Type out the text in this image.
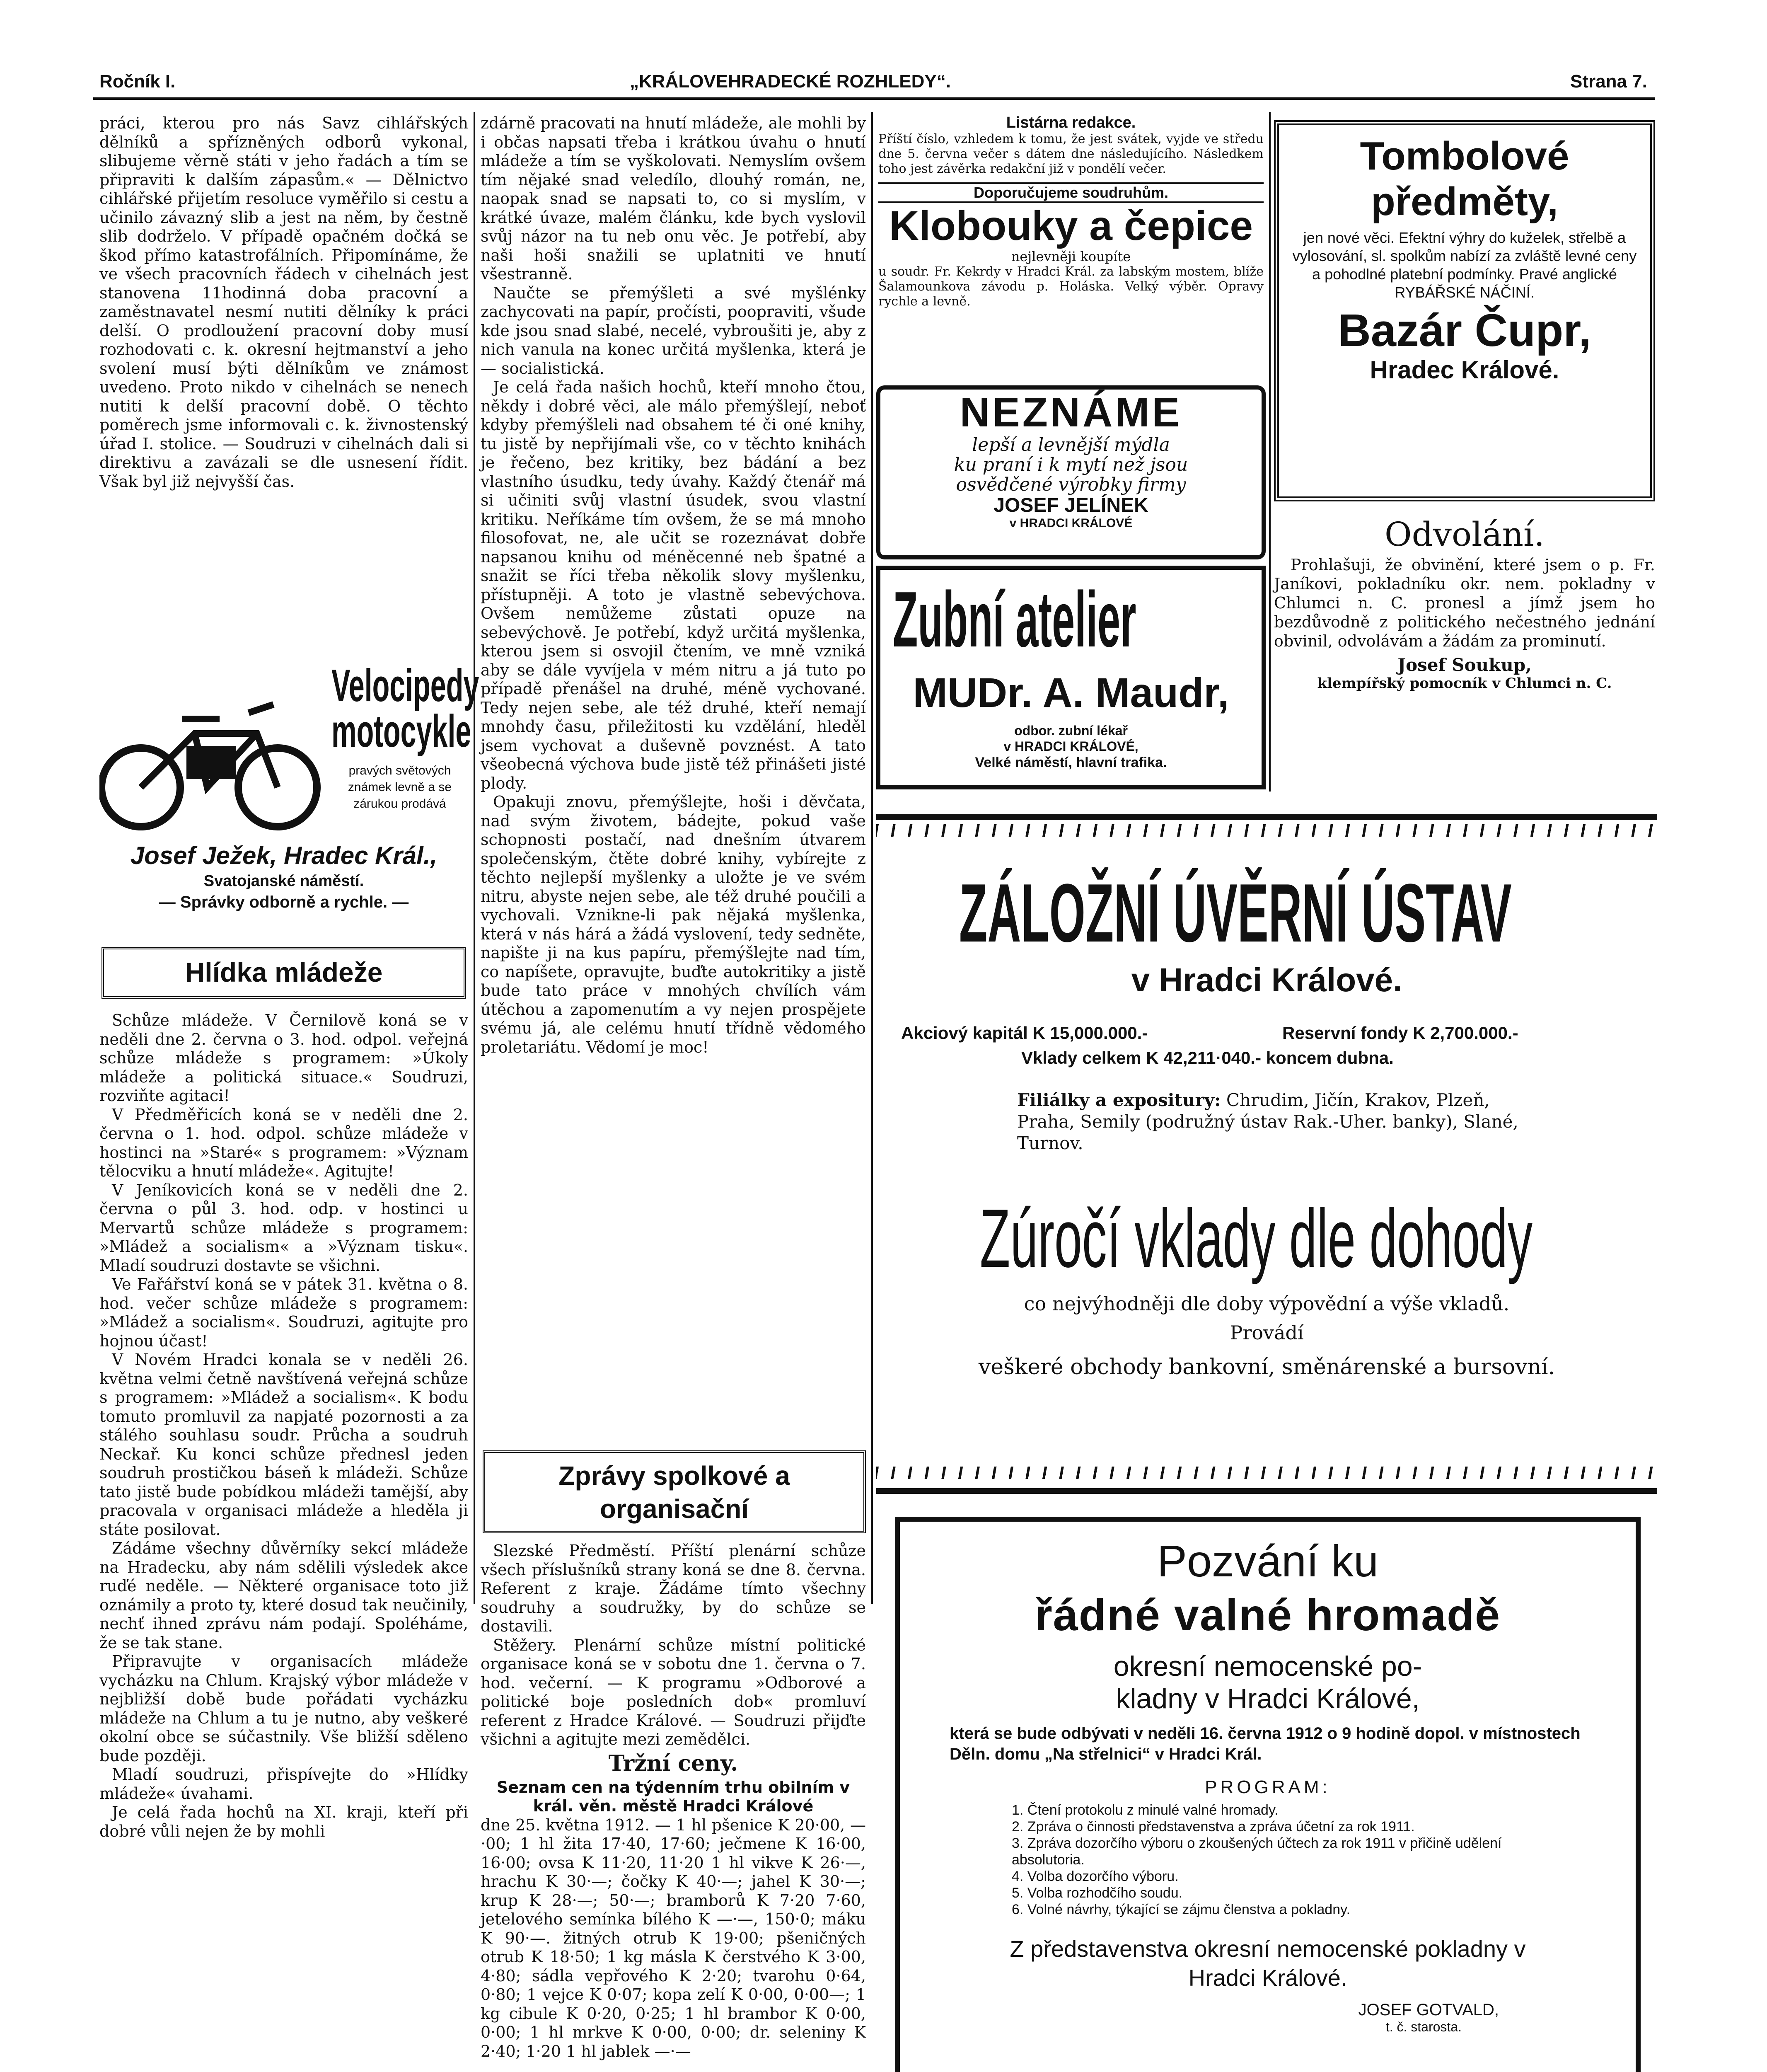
Ročník I.	„KRÁLOVEHRADECKÉ ROZHLEDY“.	Strana 7.

práci, kterou pro nás Savz cihlářských dělníků a spřízněných odborů vykonal, slibujeme věrně státi v jeho řadách a tím se připraviti k dalším zápasům.« — Dělnictvo cihlářské přijetím resoluce vyměřilo si cestu a učinilo závazný slib a jest na něm, by čestně slib dodrželo. V případě opačném dočká se škod přímo katastrofálních. Připomínáme, že ve všech pracovních řádech v cihelnách jest stanovena 11hodinná doba pracovní a zaměstnavatel nesmí nutiti dělníky k práci delší. O prodloužení pracovní doby musí rozhodovati c. k. okresní hejtmanství a jeho svolení musí býti dělníkům ve známost uvedeno. Proto nikdo v cihelnách se nenech nutiti k delší pracovní době. O těchto poměrech jsme informovali c. k. živnostenský úřad I. stolice. — Soudruzi v cihelnách dali si direktivu a zavázali se dle usnesení řídit. Však byl již nejvyšší čas.

Velocipedy
motocykle
pravých světových známek levně a se zárukou prodává
Josef Ježek, Hradec Král.,
Svatojanské náměstí.
— Správky odborně a rychle. —
Hlídka mládeže

Schůze mládeže. V Černilově koná se v neděli dne 2. června o 3. hod. odpol. veřejná schůze mládeže s programem: »Úkoly mládeže a politická situace.« Soudruzi, rozviňte agitaci!

V Předměřicích koná se v neděli dne 2. června o 1. hod. odpol. schůze mládeže v hostinci na »Staré« s programem: »Význam tělocviku a hnutí mládeže«. Agitujte!

V Jeníkovicích koná se v neděli dne 2. června o půl 3. hod. odp. v hostinci u Mervartů schůze mládeže s programem: »Mládež a socialism« a »Význam tisku«. Mladí soudruzi dostavte se všichni.

Ve Fařářství koná se v pátek 31. května o 8. hod. večer schůze mládeže s programem: »Mládež a socialism«. Soudruzi, agitujte pro hojnou účast!

V Novém Hradci konala se v neděli 26. května velmi četně navštívená veřejná schůze s programem: »Mládež a socialism«. K bodu tomuto promluvil za napjaté pozornosti a za stálého souhlasu soudr. Průcha a soudruh Neckař. Ku konci schůze přednesl jeden soudruh prostičkou báseň k mládeži. Schůze tato jistě bude pobídkou mládeži tamější, aby pracovala v organisaci mládeže a hleděla ji státe posilovat.

Zádáme všechny důvěrníky sekcí mládeže na Hradecku, aby nám sdělili výsledek akce ruďé neděle. — Některé organisace toto již oznámily a proto ty, které dosud tak neučinily, nechť ihned zprávu nám podají. Spoléháme, že se tak stane.

Připravujte v organisacích mládeže vycházku na Chlum. Krajský výbor mládeže v nejbližší době bude pořádati vycházku mládeže na Chlum a tu je nutno, aby veškeré okolní obce se súčastnily. Vše bližší sděleno bude později.

Mladí soudruzi, přispívejte do »Hlídky mládeže« úvahami.

Je celá řada hochů na XI. kraji, kteří při dobré vůli nejen že by mohli

zdárně pracovati na hnutí mládeže, ale mohli by i občas napsati třeba i krátkou úvahu o hnutí mládeže a tím se vyškolovati. Nemyslím ovšem tím nějaké snad veledílo, dlouhý román, ne, naopak snad se napsati to, co si myslím, v krátké úvaze, malém článku, kde bych vyslovil svůj názor na tu neb onu věc. Je potřebí, aby naši hoši snažili se uplatniti ve hnutí všestranně.

Naučte se přemýšleti a své myšlénky zachycovati na papír, pročísti, poopraviti, všude kde jsou snad slabé, necelé, vybroušiti je, aby z nich vanula na konec určitá myšlenka, která je — socialistická.

Je celá řada našich hochů, kteří mnoho čtou, někdy i dobré věci, ale málo přemýšlejí, neboť kdyby přemýšleli nad obsahem té či oné knihy, tu jistě by nepřijímali vše, co v těchto knihách je řečeno, bez kritiky, bez bádání a bez vlastního úsudku, tedy úvahy. Každý čtenář má si učiniti svůj vlastní úsudek, svou vlastní kritiku. Neříkáme tím ovšem, že se má mnoho filosofovat, ne, ale učit se rozeznávat dobře napsanou knihu od méněcenné neb špatné a snažit se říci třeba několik slovy myšlenku, přístupněji. A toto je vlastně sebevýchova. Ovšem nemůžeme zůstati opuze na sebevýchově. Je potřebí, když určitá myšlenka, kterou jsem si osvojil čtením, ve mně vzniká aby se dále vyvíjela v mém nitru a já tuto po případě přenášel na druhé, méně vychované. Tedy nejen sebe, ale též druhé, kteří nemají mnohdy času, přiležitosti ku vzdělání, hleděl jsem vychovat a duševně povznést. A tato všeobecná výchova bude jistě též přinášeti jisté plody.

Opakuji znovu, přemýšlejte, hoši i děvčata, nad svým životem, bádejte, pokud vaše schopnosti postačí, nad dnešním útvarem společenským, čtěte dobré knihy, vybírejte z těchto nejlepší myšlenky a uložte je ve svém nitru, abyste nejen sebe, ale též druhé poučili a vychovali. Vznikne-li pak nějaká myšlenka, která v nás hárá a žádá vyslovení, tedy sedněte, napište ji na kus papíru, přemýšlejte nad tím, co napíšete, opravujte, buďte autokritiky a jistě bude tato práce v mnohých chvílích vám útěchou a zapomenutím a vy nejen prospějete svému já, ale celému hnutí třídně vědomého proletariátu. Vědomí je moc!

Zprávy spolkové a organisační

Slezské Předměstí. Příští plenární schůze všech příslušníků strany koná se dne 8. června. Referent z kraje. Žádáme tímto všechny soudruhy a soudružky, by do schůze se dostavili.

Stěžery. Plenární schůze místní politické organisace koná se v sobotu dne 1. června o 7. hod. večerní. — K programu »Odborové a politické boje posledních dob« promluví referent z Hradce Králové. — Soudruzi přijďte všichni a agitujte mezi zemědělci.

Tržní ceny.

Seznam cen na týdenním trhu obilním v král. věn. městě Hradci Králové

dne 25. května 1912. — 1 hl pšenice K 20·00, —·00; 1 hl žita 17·40, 17·60; ječmene K 16·00, 16·00; ovsa K 11·20, 11·20 1 hl vikve K 26·—, hrachu K 30·—; čočky K 40·—; jahel K 30·—; krup K 28·—; 50·—; bramborů K 7·20 7·60, jetelového semínka bílého K —·—, 150·0; máku K 90·—. žitných otrub K 19·00; pšeničných otrub K 18·50; 1 kg másla K čerstvého K 3·00, 4·80; sádla vepřového K 2·20; tvarohu 0·64, 0·80; 1 vejce K 0·07; kopa zelí K 0·00, 0·00—; 1 kg cibule K 0·20, 0·25; 1 hl brambor K 0·00, 0·00; 1 hl mrkve K 0·00, 0·00; dr. seleniny K 2·40; 1·20 1 hl jablek —·—

Listárna redakce.
Příští číslo, vzhledem k tomu, že jest svátek, vyjde ve středu dne 5. června večer s dátem dne následujícího. Následkem toho jest závěrka redakční již v pondělí večer.
Doporučujeme soudruhům.
Klobouky a čepice
nejlevněji koupíte
u soudr. Fr. Kekrdy v Hradci Král. za labským mostem, blíže Šalamounkova závodu p. Holáska. Velký výběr. Opravy rychle a levně.
NEZNÁME
lepší a levnější mýdla
ku praní i k mytí než jsou
osvědčené výrobky firmy
JOSEF JELÍNEK
v HRADCI KRÁLOVÉ
Zubní atelier
MUDr. A. Maudr,
odbor. zubní lékař
v HRADCI KRÁLOVÉ,
Velké náměstí, hlavní trafika.
Tombolové
předměty,
jen nové věci. Efektní výhry do kuželek, střelbě a vylosování, sl. spolkům nabízí za zvláště levné ceny a pohodlné platební podmínky. Pravé anglické RYBÁŘSKÉ NÁČINÍ.
Bazár Čupr,
Hradec Králové.
Odvolání.
Prohlašuji, že obvinění, které jsem o p. Fr. Janíkovi, pokladníku okr. nem. pokladny v Chlumci n. C. pronesl a jímž jsem ho bezdůvodně z politického nečestného jednání obvinil, odvolávám a žádám za prominutí.
Josef Soukup,
klempířský pomocník v Chlumci n. C.
ZÁLOŽNÍ ÚVĚRNÍ ÚSTAV
v Hradci Králové.
Akciový kapitál K 15,000.000.-	Reservní fondy K 2,700.000.-
Vklady celkem K 42,211·040.- koncem dubna.
Filiálky a expositury: Chrudim, Jičín, Krakov, Plzeň, Praha, Semily (podružný ústav Rak.-Uher. banky), Slané, Turnov.
Zúročí vklady dle dohody
co nejvýhodněji dle doby výpovědní a výše vkladů.
Provádí
veškeré obchody bankovní, směnárenské a bursovní.
Pozvání ku
řádné valné hromadě
okresní nemocenské po-
kladny v Hradci Králové,
která se bude odbývati v neděli 16. června 1912 o 9 hodině dopol. v místnostech Děln. domu „Na střelnici“ v Hradci Král.
PROGRAM:
1. Čtení protokolu z minulé valné hromady.
2. Zpráva o činnosti představenstva a zpráva účetní za rok 1911.
3. Zpráva dozorčího výboru o zkoušených účtech za rok 1911 v přičině udělení absolutoria.
4. Volba dozorčího výboru.
5. Volba rozhodčího soudu.
6. Volné návrhy, týkající se zájmu členstva a pokladny.
Z představenstva okresní nemocenské pokladny v Hradci Králové.
JOSEF GOTVALD,
t. č. starosta.
